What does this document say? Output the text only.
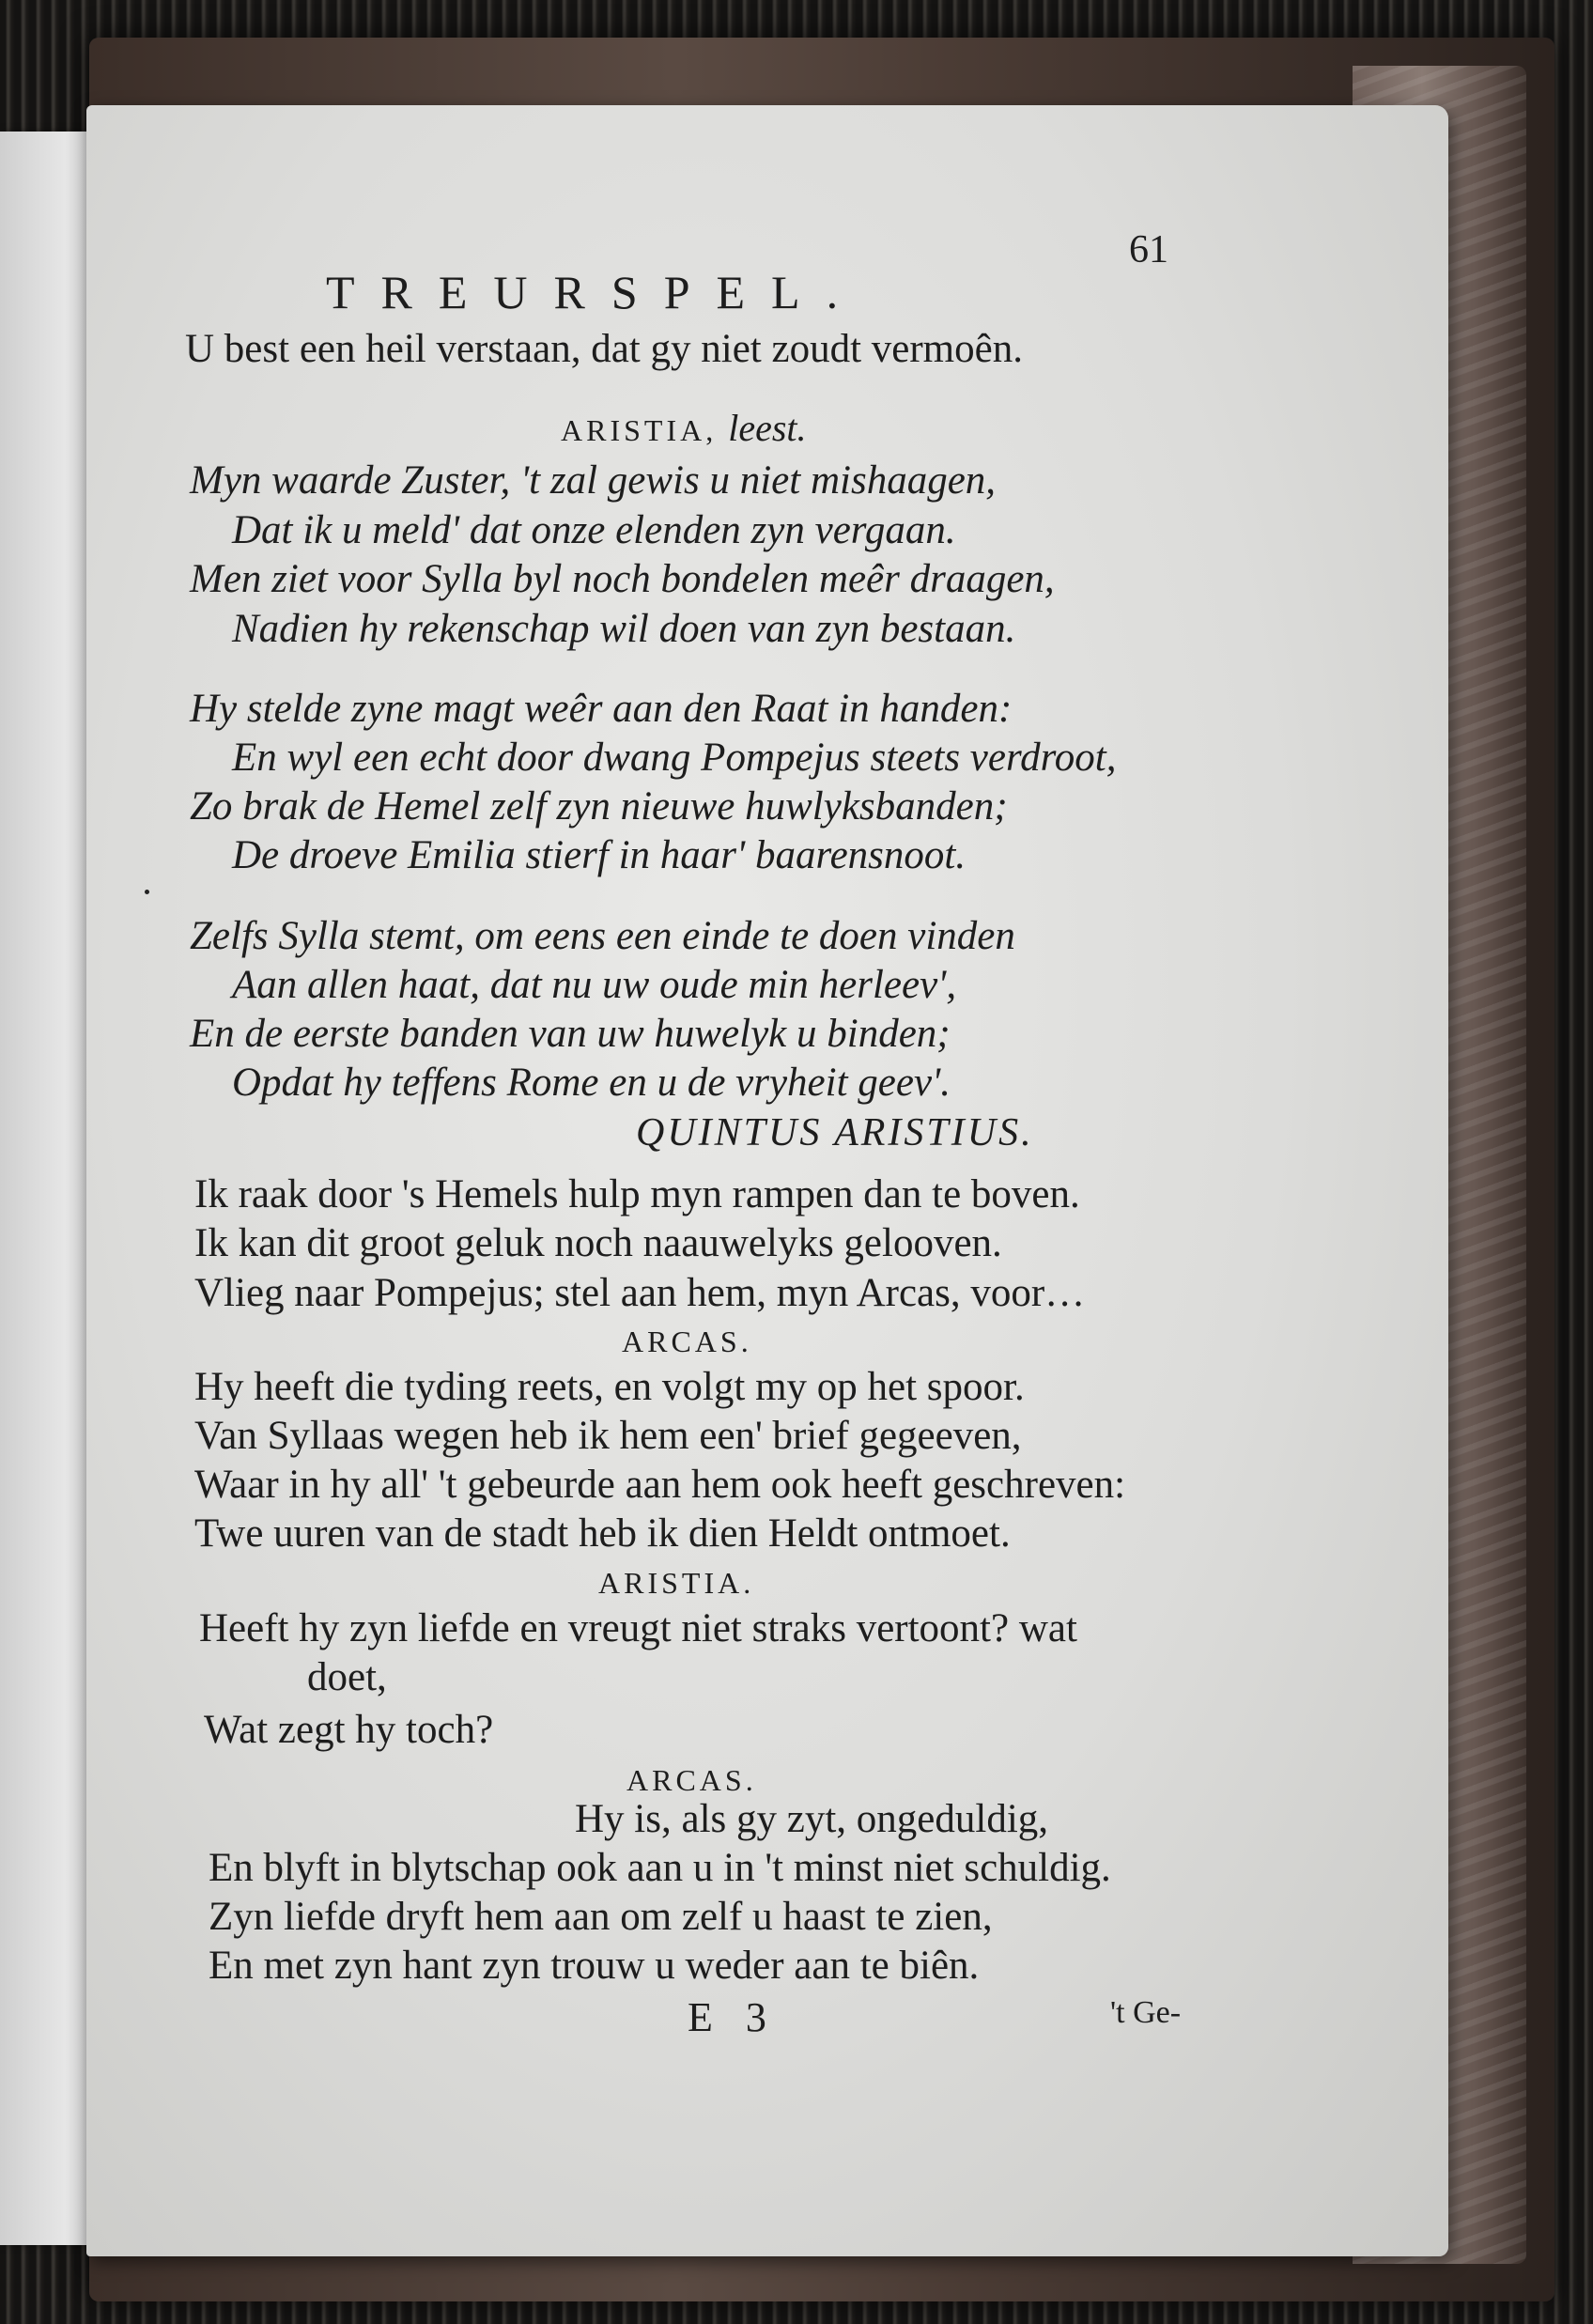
TREURSPEL.
61
U best een heil verstaan, dat gy niet zoudt vermoên.
ARISTIA, leest.
Myn waarde Zuster, 't zal gewis u niet mishaagen,
Dat ik u meld' dat onze elenden zyn vergaan.
Men ziet voor Sylla byl noch bondelen meêr draagen,
Nadien hy rekenschap wil doen van zyn bestaan.
Hy stelde zyne magt weêr aan den Raat in handen:
En wyl een echt door dwang Pompejus steets verdroot,
Zo brak de Hemel zelf zyn nieuwe huwlyksbanden;
De droeve Emilia stierf in haar' baarensnoot.
Zelfs Sylla stemt, om eens een einde te doen vinden
Aan allen haat, dat nu uw oude min herleev',
En de eerste banden van uw huwelyk u binden;
Opdat hy teffens Rome en u de vryheit geev'.
QUINTUS ARISTIUS.
Ik raak door 's Hemels hulp myn rampen dan te boven.
Ik kan dit groot geluk noch naauwelyks gelooven.
Vlieg naar Pompejus; stel aan hem, myn Arcas, voor…
ARCAS.
Hy heeft die tyding reets, en volgt my op het spoor.
Van Syllaas wegen heb ik hem een' brief gegeeven,
Waar in hy all' 't gebeurde aan hem ook heeft geschreven:
Twe uuren van de stadt heb ik dien Heldt ontmoet.
ARISTIA.
Heeft hy zyn liefde en vreugt niet straks vertoont? wat
doet,
Wat zegt hy toch?
ARCAS.
Hy is, als gy zyt, ongeduldig,
En blyft in blytschap ook aan u in 't minst niet schuldig.
Zyn liefde dryft hem aan om zelf u haast te zien,
En met zyn hant zyn trouw u weder aan te biên.
E 3	't Ge-
